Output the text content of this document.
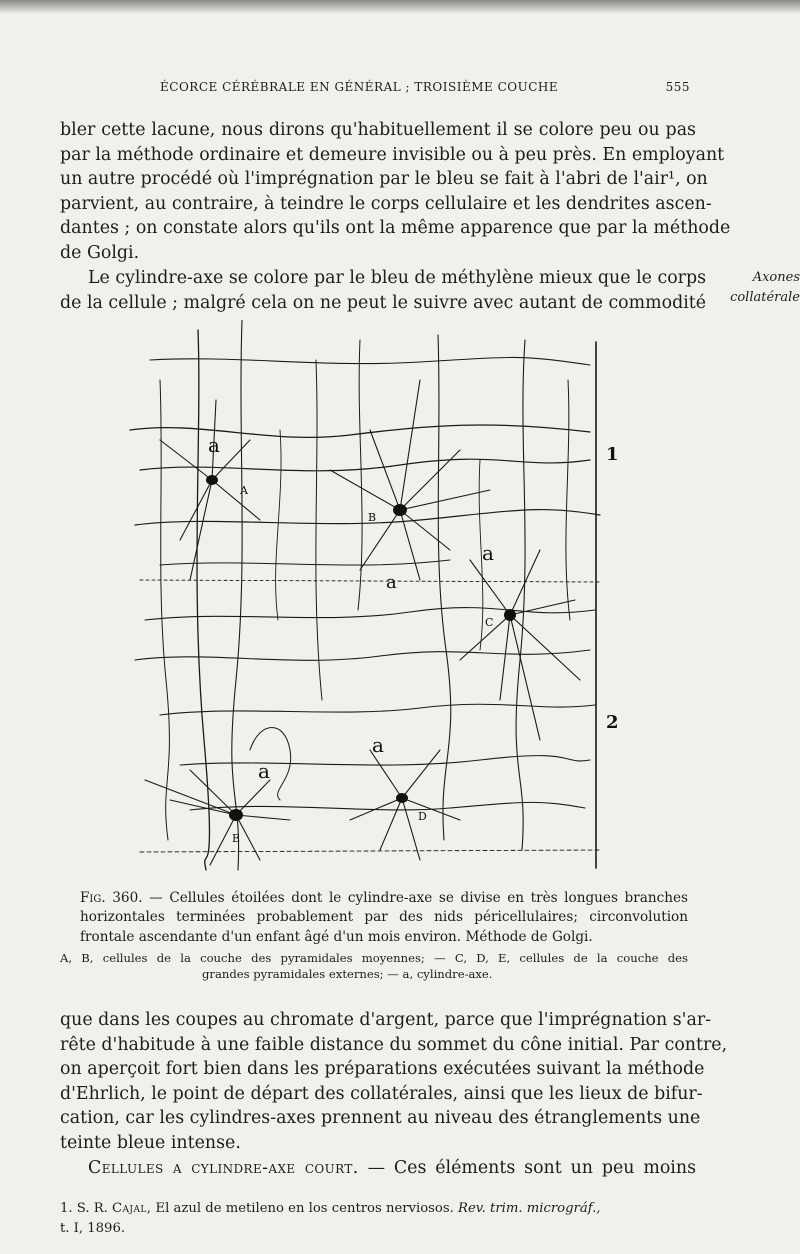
ÉCORCE CÉRÉBRALE EN GÉNÉRAL ; TROISIÈME COUCHE	555

bler cette lacune, nous dirons qu'habituellement il se colore peu ou pas
par la méthode ordinaire et demeure invisible ou à peu près. En employant
un autre procédé où l'imprégnation par le bleu se fait à l'abri de l'air¹, on
parvient, au contraire, à teindre le corps cellulaire et les dendrites ascen-
dantes ; on constate alors qu'ils ont la même apparence que par la méthode
de Golgi.

Le cylindre-axe se colore par le bleu de méthylène mieux que le corps
de la cellule ; malgré cela on ne peut le suivre avec autant de commodité

Axones
collatérale
A
B
C
D
E
a
a
a
a
a
1
2
Fig. 360. — Cellules étoilées dont le cylindre-axe se divise en très longues branches
horizontales terminées probablement par des nids péricellulaires; circonvolution
frontale ascendante d'un enfant âgé d'un mois environ. Méthode de Golgi.
A, B, cellules de la couche des pyramidales moyennes; — C, D, E, cellules de la couche des
grandes pyramidales externes; — a, cylindre-axe.

que dans les coupes au chromate d'argent, parce que l'imprégnation s'ar-
rête d'habitude à une faible distance du sommet du cône initial. Par contre,
on aperçoit fort bien dans les préparations exécutées suivant la méthode
d'Ehrlich, le point de départ des collatérales, ainsi que les lieux de bifur-
cation, car les cylindres-axes prennent au niveau des étranglements une
teinte bleue intense.

Cellules a cylindre-axe court. — Ces éléments sont un peu moins

1. S. R. Cajal, El azul de metileno en los centros nerviosos. Rev. trim. micrográf.,
t. I, 1896.
